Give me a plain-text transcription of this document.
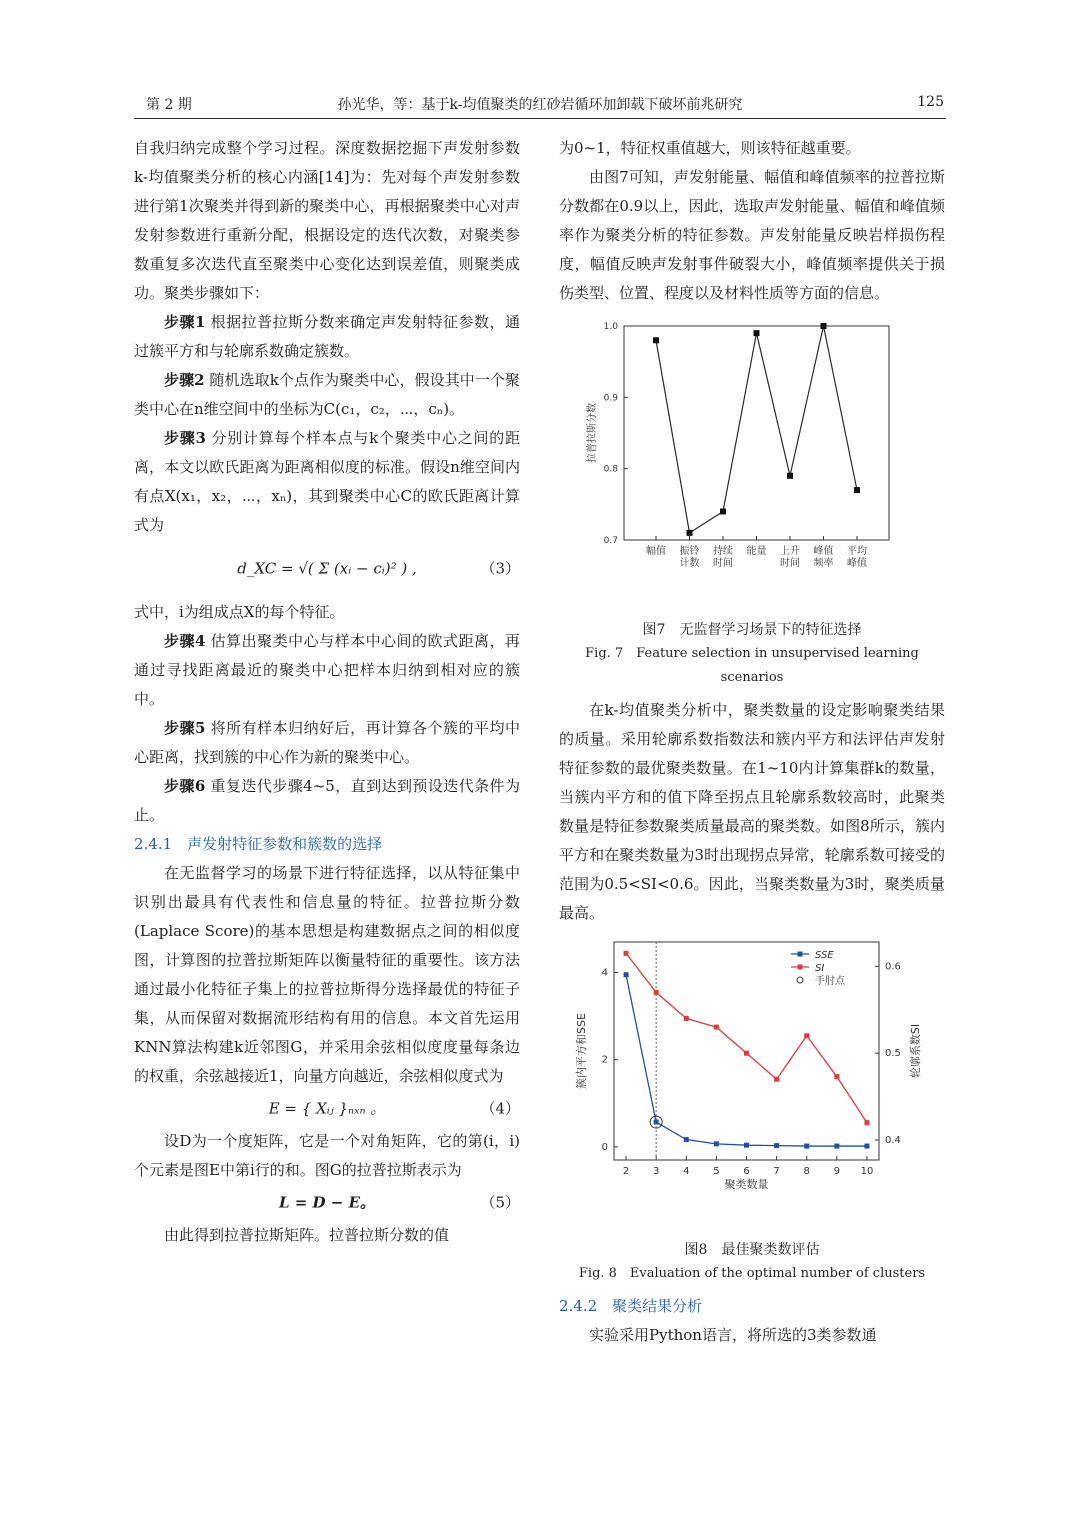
第 2 期	孙光华，等：基于k-均值聚类的红砂岩循环加卸载下破坏前兆研究	125

自我归纳完成整个学习过程。深度数据挖掘下声发射参数k-均值聚类分析的核心内涵[14]为：先对每个声发射参数进行第1次聚类并得到新的聚类中心，再根据聚类中心对声发射参数进行重新分配，根据设定的迭代次数，对聚类参数重复多次迭代直至聚类中心变化达到误差值，则聚类成功。聚类步骤如下：

步骤1 根据拉普拉斯分数来确定声发射特征参数，通过簇平方和与轮廓系数确定簇数。

步骤2 随机选取k个点作为聚类中心，假设其中一个聚类中心在n维空间中的坐标为C(c₁，c₂，⋯，cₙ)。

步骤3 分别计算每个样本点与k个聚类中心之间的距离，本文以欧氏距离为距离相似度的标准。假设n维空间内有点X(x₁，x₂，⋯，xₙ)，其到聚类中心C的欧氏距离计算式为

d_XC = √( Σ (xᵢ − cᵢ)² ) ,	（3）

式中，i为组成点X的每个特征。

步骤4 估算出聚类中心与样本中心间的欧式距离，再通过寻找距离最近的聚类中心把样本归纳到相对应的簇中。

步骤5 将所有样本归纳好后，再计算各个簇的平均中心距离，找到簇的中心作为新的聚类中心。

步骤6 重复迭代步骤4~5，直到达到预设迭代条件为止。

2.4.1　声发射特征参数和簇数的选择

在无监督学习的场景下进行特征选择，以从特征集中识别出最具有代表性和信息量的特征。拉普拉斯分数(Laplace Score)的基本思想是构建数据点之间的相似度图，计算图的拉普拉斯矩阵以衡量特征的重要性。该方法通过最小化特征子集上的拉普拉斯得分选择最优的特征子集，从而保留对数据流形结构有用的信息。本文首先运用KNN算法构建k近邻图G，并采用余弦相似度度量每条边的权重，余弦越接近1，向量方向越近，余弦相似度式为

E = { Xᵢⱼ }ₙₓₙ 。	（4）

设D为一个度矩阵，它是一个对角矩阵，它的第(i，i)个元素是图E中第i行的和。图G的拉普拉斯表示为

L = D − E。	（5）

由此得到拉普拉斯矩阵。拉普拉斯分数的值

为0~1，特征权重值越大，则该特征越重要。

由图7可知，声发射能量、幅值和峰值频率的拉普拉斯分数都在0.9以上，因此，选取声发射能量、幅值和峰值频率作为聚类分析的特征参数。声发射能量反映岩样损伤程度，幅值反映声发射事件破裂大小，峰值频率提供关于损伤类型、位置、程度以及材料性质等方面的信息。

0.7
0.8
0.9
1.0
拉普拉斯分数
幅值 振铃
计数
持续
时间
能量 上升
时间
峰值
频率
平均
峰值
图7　无监督学习场景下的特征选择
Fig. 7　Feature selection in unsupervised learning scenarios

在k-均值聚类分析中，聚类数量的设定影响聚类结果的质量。采用轮廓系数指数法和簇内平方和法评估声发射特征参数的最优聚类数量。在1~10内计算集群k的数量，当簇内平方和的值下降至拐点且轮廓系数较高时，此聚类数量是特征参数聚类质量最高的聚类数。如图8所示，簇内平方和在聚类数量为3时出现拐点异常，轮廓系数可接受的范围为0.5<SI<0.6。因此，当聚类数量为3时，聚类质量最高。

2 3 4 5 6 7 8 9 10
聚类数量
0
2
4
0.4
0.5
0.6
簇内平方和SSE	轮廓系数SI
SSE
SI
手肘点
图8　最佳聚类数评估
Fig. 8　Evaluation of the optimal number of clusters

2.4.2　聚类结果分析

实验采用Python语言，将所选的3类参数通
